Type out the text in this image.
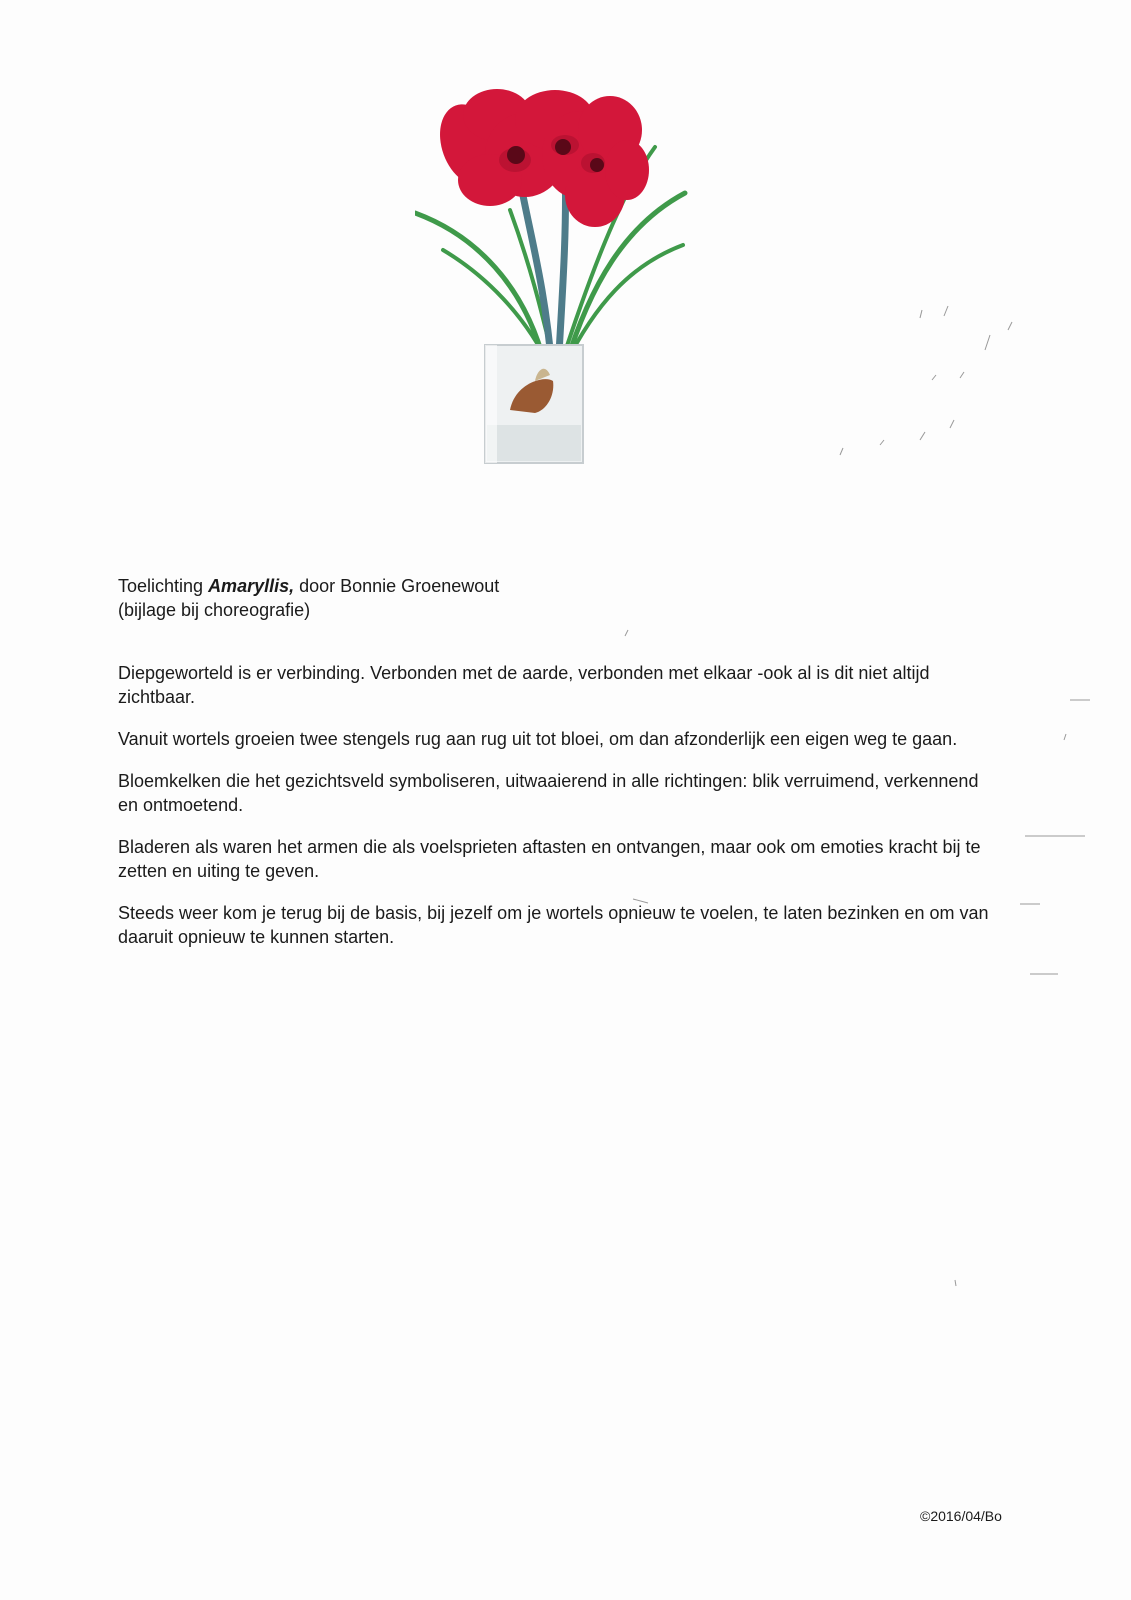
Toelichting Amaryllis, door Bonnie Groenewout
(bijlage bij choreografie)

Diepgeworteld is er verbinding. Verbonden met de aarde, verbonden met elkaar -ook al is dit niet altijd zichtbaar.

Vanuit wortels groeien twee stengels rug aan rug uit tot bloei, om dan afzonderlijk een eigen weg te gaan.

Bloemkelken die het gezichtsveld symboliseren, uitwaaierend in alle richtingen: blik verruimend, verkennend en ontmoetend.

Bladeren als waren het armen die als voelsprieten aftasten en ontvangen, maar ook om emoties kracht bij te zetten en uiting te geven.

Steeds weer kom je terug bij de basis, bij jezelf om je wortels opnieuw te voelen, te laten bezinken en om van daaruit opnieuw te kunnen starten.

©2016/04/Bo
